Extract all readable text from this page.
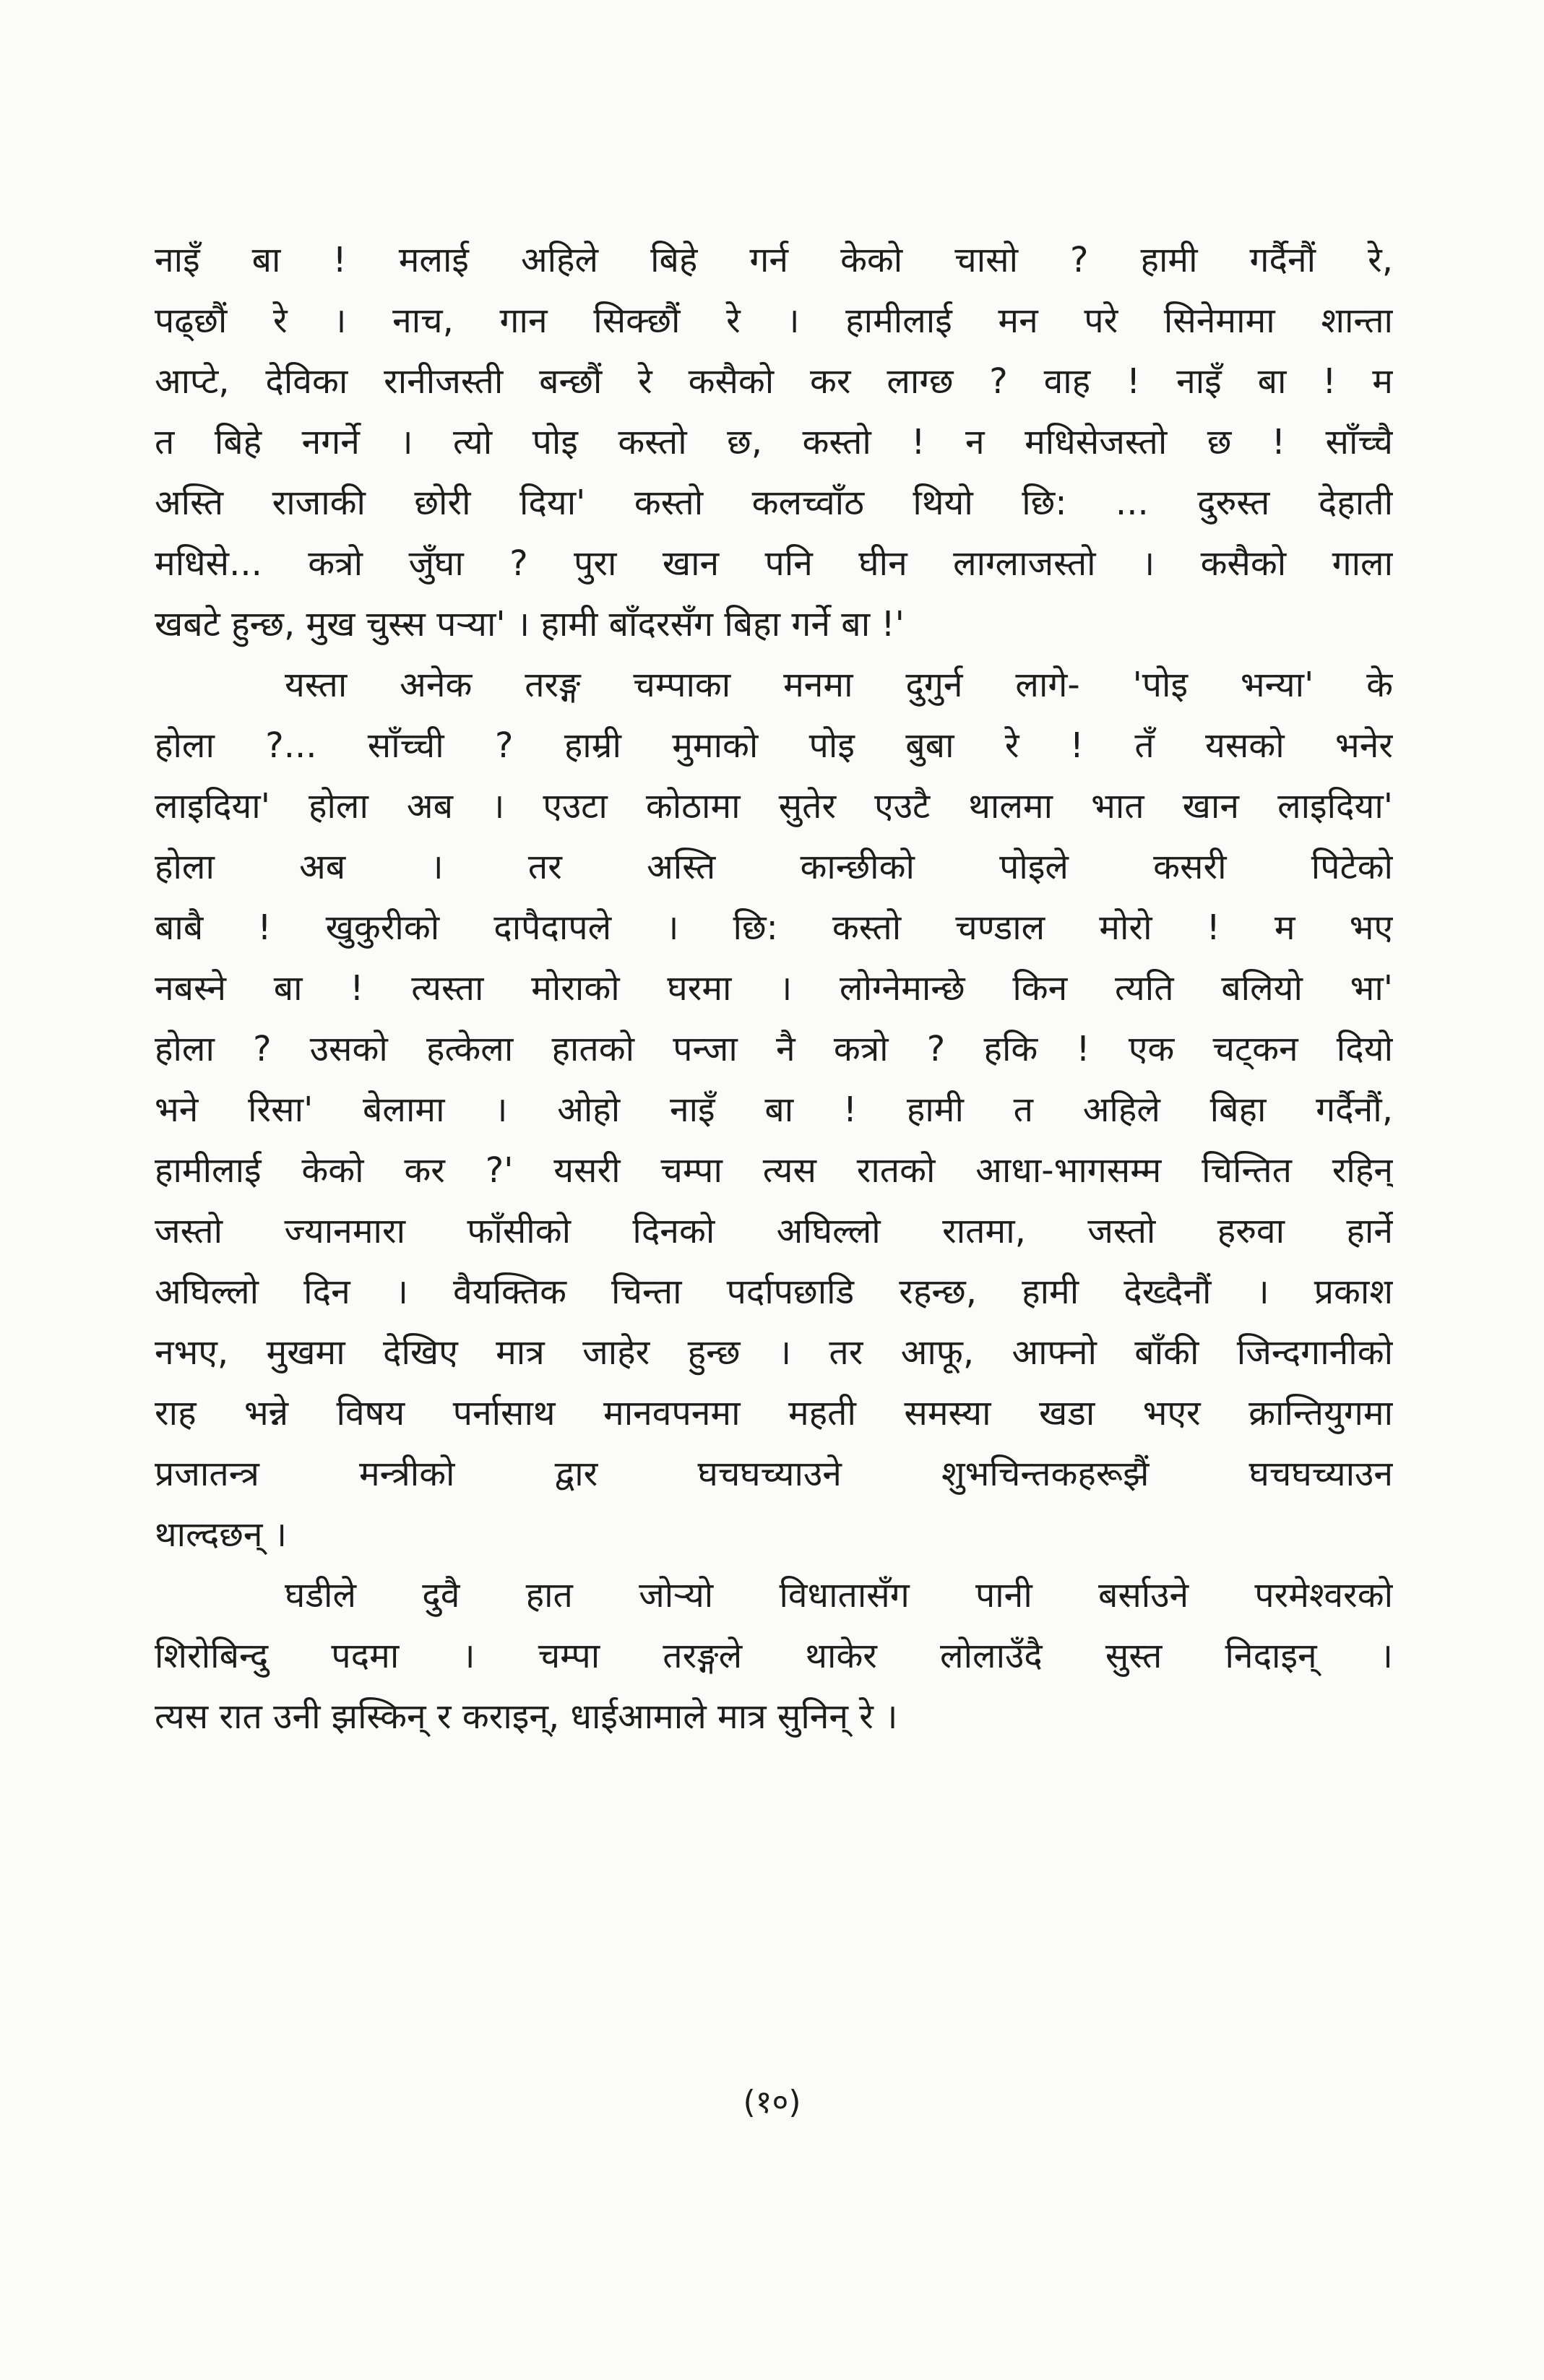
नाइँ बा ! मलाई अहिले बिहे गर्न केको चासो ? हामी गर्दैनौं रे,
पढ्छौं रे । नाच, गान सिक्छौं रे । हामीलाई मन परे सिनेमामा शान्ता
आप्टे, देविका रानीजस्ती बन्छौं रे कसैको कर लाग्छ ? वाह ! नाइँ बा ! म
त बिहे नगर्ने । त्यो पोइ कस्तो छ, कस्तो ! न मधिसेजस्तो छ ! साँच्चै
अस्ति राजाकी छोरी दिया' कस्तो कलच्वाँठ थियो छि: ... दुरुस्त देहाती
मधिसे... कत्रो जुँघा ? पुरा खान पनि घीन लाग्लाजस्तो । कसैको गाला
खबटे हुन्छ, मुख चुस्स पऱ्या' । हामी बाँदरसँग बिहा गर्ने बा !'
यस्ता अनेक तरङ्ग चम्पाका मनमा दुगुर्न लागे- 'पोइ भन्या' के
होला ?... साँच्ची ? हाम्री मुमाको पोइ बुबा रे ! तँ यसको भनेर
लाइदिया' होला अब । एउटा कोठामा सुतेर एउटै थालमा भात खान लाइदिया'
होला अब । तर अस्ति कान्छीको पोइले कसरी पिटेको
बाबै ! खुकुरीको दापैदापले । छि: कस्तो चण्डाल मोरो ! म भए
नबस्ने बा ! त्यस्ता मोराको घरमा । लोग्नेमान्छे किन त्यति बलियो भा'
होला ? उसको हत्केला हातको पन्जा नै कत्रो ? हकि ! एक चट्कन दियो
भने रिसा' बेलामा । ओहो नाइँ बा ! हामी त अहिले बिहा गर्दैनौं,
हामीलाई केको कर ?' यसरी चम्पा त्यस रातको आधा-भागसम्म चिन्तित रहिन्
जस्तो ज्यानमारा फाँसीको दिनको अघिल्लो रातमा, जस्तो हरुवा हार्ने
अघिल्लो दिन । वैयक्तिक चिन्ता पर्दापछाडि रहन्छ, हामी देख्दैनौं । प्रकाश
नभए, मुखमा देखिए मात्र जाहेर हुन्छ । तर आफू, आफ्नो बाँकी जिन्दगानीको
राह भन्ने विषय पर्नासाथ मानवपनमा महती समस्या खडा भएर क्रान्तियुगमा
प्रजातन्त्र मन्त्रीको द्वार घचघच्याउने शुभचिन्तकहरूझैं घचघच्याउन
थाल्दछन् ।
घडीले दुवै हात जोऱ्यो विधातासँग पानी बर्साउने परमेश्वरको
शिरोबिन्दु पदमा । चम्पा तरङ्गले थाकेर लोलाउँदै सुस्त निदाइन् ।
त्यस रात उनी झस्किन् र कराइन्, धाईआमाले मात्र सुनिन् रे ।
(१०)
